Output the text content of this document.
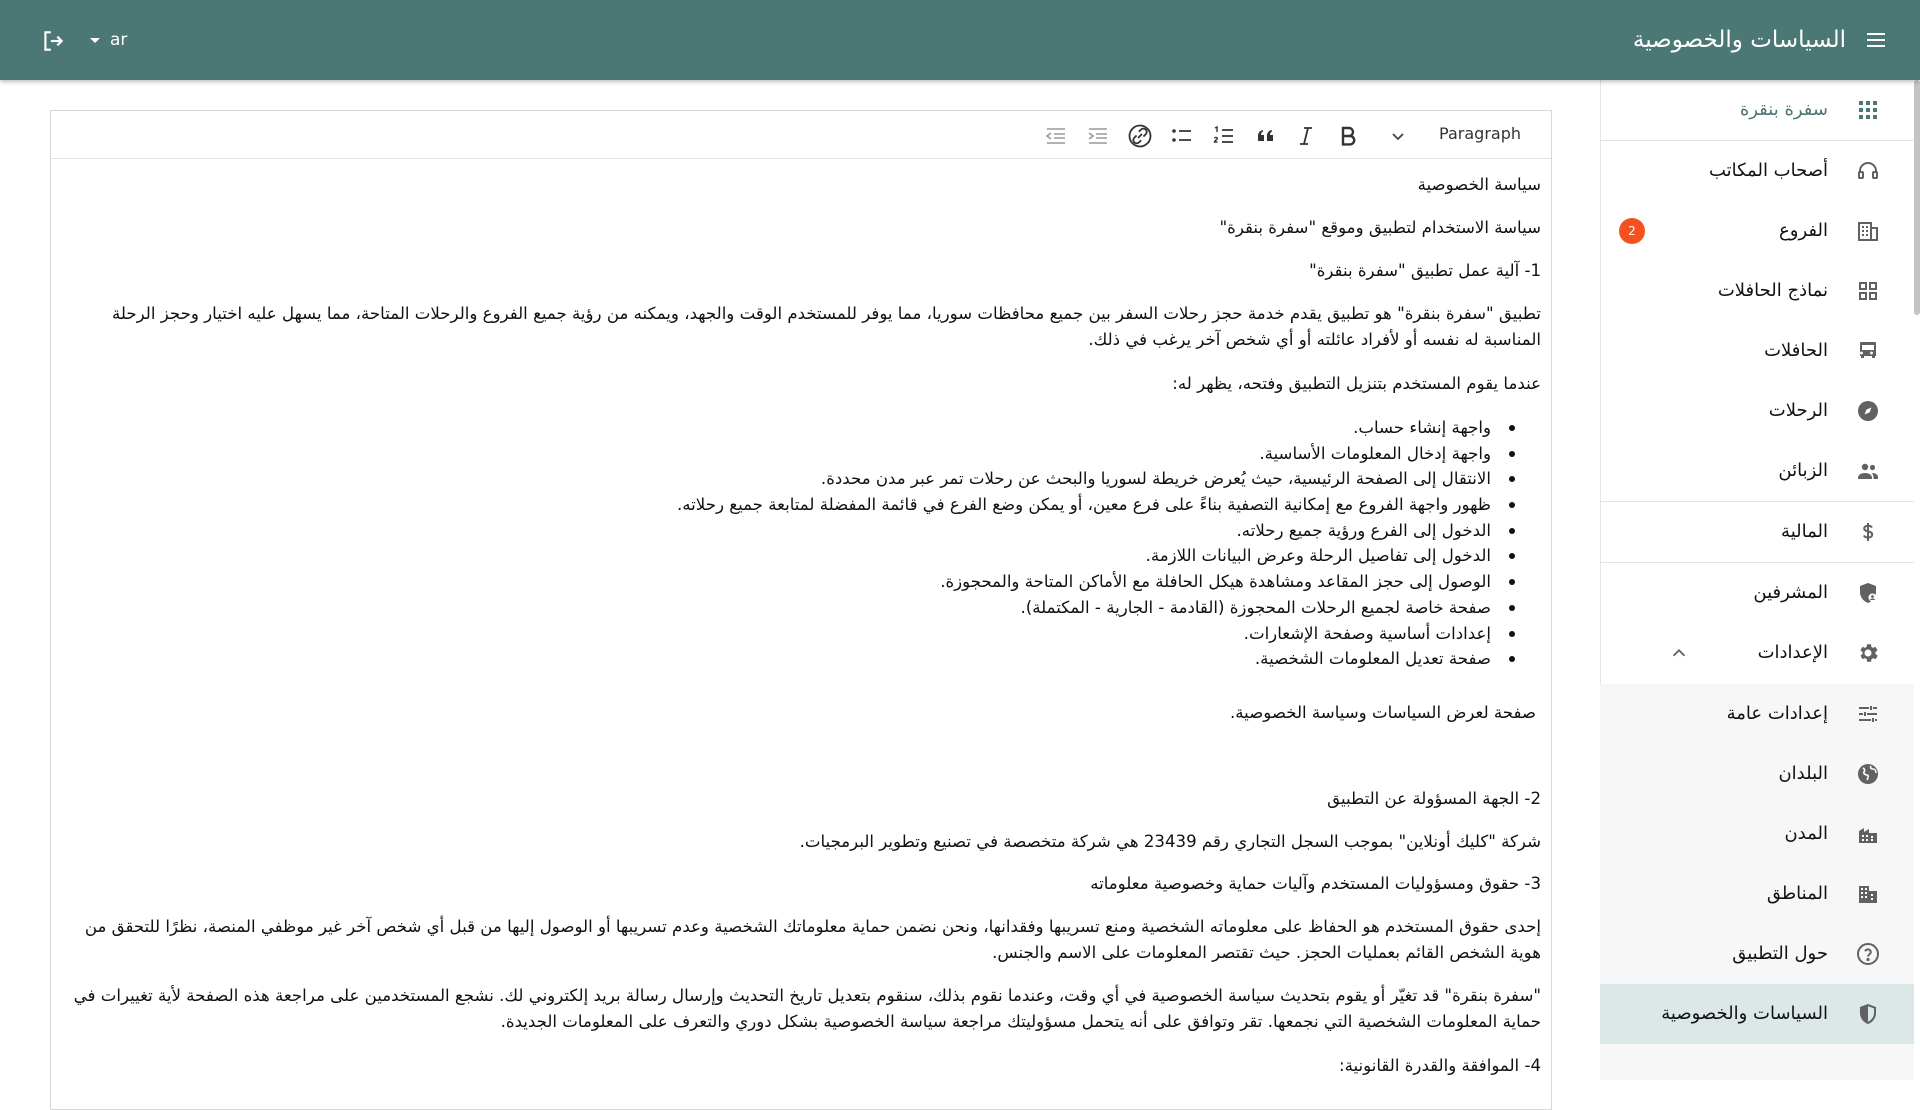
السياسات والخصوصية
ar
سفرة بنقرة
أصحاب المكاتب
الفروع
2
نماذج الحافلات
الحافلات
الرحلات
الزبائن
المالية
المشرفين
الإعدادات
إعدادات عامة
البلدان
المدن
المناطق
حول التطبيق
السياسات والخصوصية
Paragraph

سياسة الخصوصية

سياسة الاستخدام لتطبيق وموقع "سفرة بنقرة"

1- آلية عمل تطبيق "سفرة بنقرة"

تطبيق "سفرة بنقرة" هو تطبيق يقدم خدمة حجز رحلات السفر بين جميع محافظات سوريا، مما يوفر للمستخدم الوقت والجهد، ويمكنه من رؤية جميع الفروع والرحلات المتاحة، مما يسهل عليه اختيار وحجز الرحلة المناسبة له نفسه أو لأفراد عائلته أو أي شخص آخر يرغب في ذلك.

عندما يقوم المستخدم بتنزيل التطبيق وفتحه، يظهر له:

واجهة إنشاء حساب.
واجهة إدخال المعلومات الأساسية.
الانتقال إلى الصفحة الرئيسية، حيث يُعرض خريطة لسوريا والبحث عن رحلات تمر عبر مدن محددة.
ظهور واجهة الفروع مع إمكانية التصفية بناءً على فرع معين، أو يمكن وضع الفرع في قائمة المفضلة لمتابعة جميع رحلاته.
الدخول إلى الفرع ورؤية جميع رحلاته.
الدخول إلى تفاصيل الرحلة وعرض البيانات اللازمة.
الوصول إلى حجز المقاعد ومشاهدة هيكل الحافلة مع الأماكن المتاحة والمحجوزة.
صفحة خاصة لجميع الرحلات المحجوزة (القادمة - الجارية - المكتملة).
إعدادات أساسية وصفحة الإشعارات.
صفحة تعديل المعلومات الشخصية.

صفحة لعرض السياسات وسياسة الخصوصية.

2- الجهة المسؤولة عن التطبيق

شركة "كليك أونلاين" بموجب السجل التجاري رقم 23439 هي شركة متخصصة في تصنيع وتطوير البرمجيات.

3- حقوق ومسؤوليات المستخدم وآليات حماية وخصوصية معلوماته

إحدى حقوق المستخدم هو الحفاظ على معلوماته الشخصية ومنع تسريبها وفقدانها، ونحن نضمن حماية معلوماتك الشخصية وعدم تسريبها أو الوصول إليها من قبل أي شخص آخر غير موظفي المنصة، نظرًا للتحقق من هوية الشخص القائم بعمليات الحجز. حيث تقتصر المعلومات على الاسم والجنس.

"سفرة بنقرة" قد تغيّر أو يقوم بتحديث سياسة الخصوصية في أي وقت، وعندما نقوم بذلك، سنقوم بتعديل تاريخ التحديث وإرسال رسالة بريد إلكتروني لك. نشجع المستخدمين على مراجعة هذه الصفحة لأية تغييرات في حماية المعلومات الشخصية التي نجمعها. تقر وتوافق على أنه يتحمل مسؤوليتك مراجعة سياسة الخصوصية بشكل دوري والتعرف على المعلومات الجديدة.

4- الموافقة والقدرة القانونية:
